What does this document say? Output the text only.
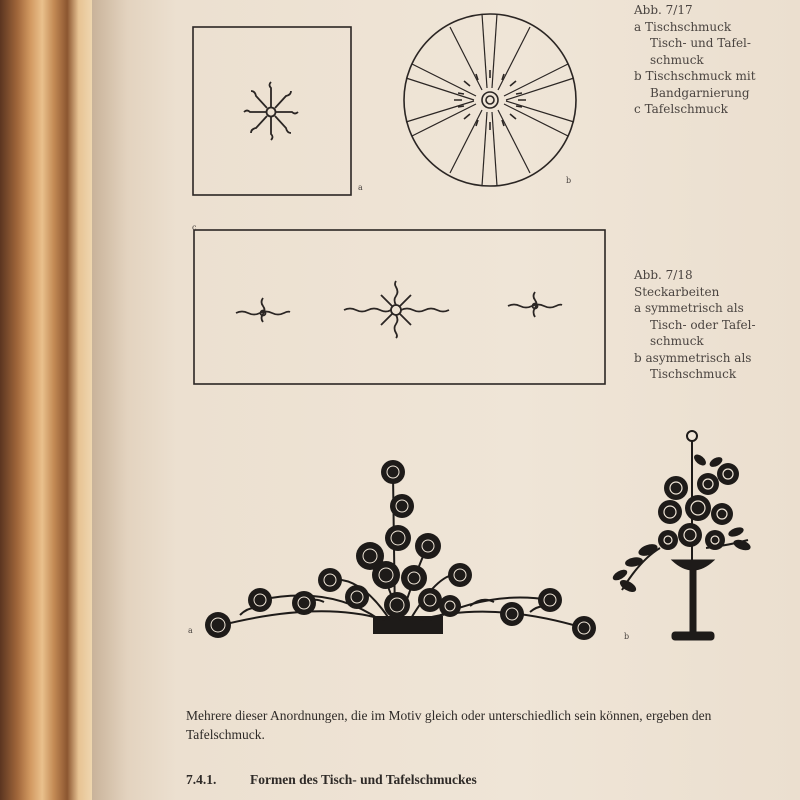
a
b
c
a
b
Abb. 7/17
a Tischschmuck
Tisch- und Tafel-
schmuck
b Tischschmuck mit
Bandgarnierung
c Tafelschmuck
Abb. 7/18
Steckarbeiten
a symmetrisch als
Tisch- oder Tafel-
schmuck
b asymmetrisch als
Tischschmuck
Mehrere dieser Anordnungen, die im Motiv gleich oder unterschiedlich sein können, ergeben den Tafelschmuck.
7.4.1. Formen des Tisch- und Tafelschmuckes
